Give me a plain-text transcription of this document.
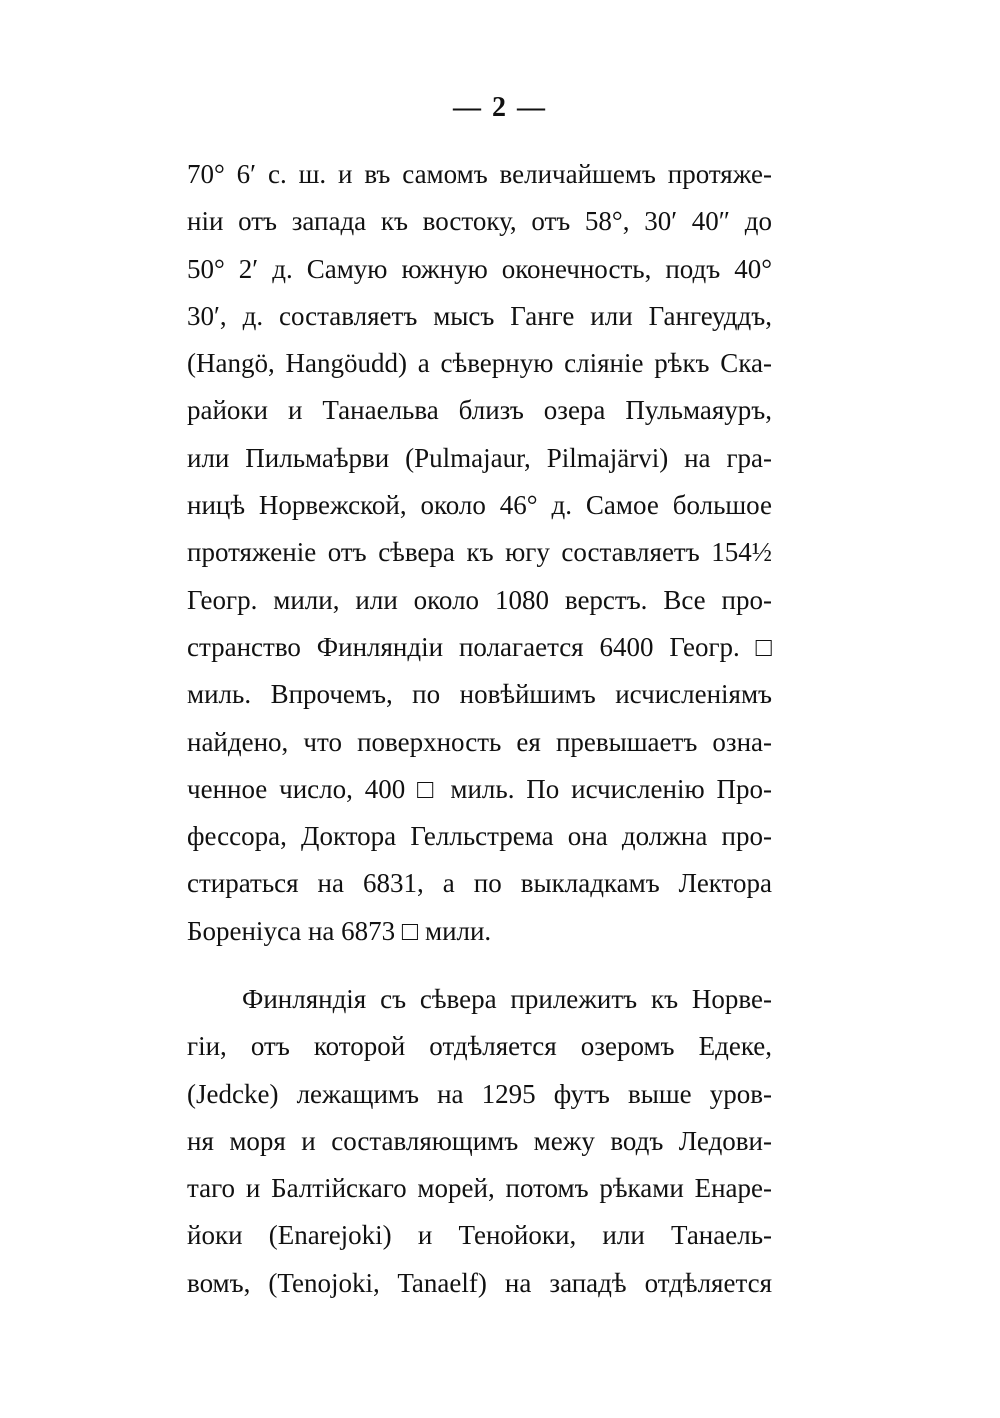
— 2 —
70° 6′ с. ш. и въ самомъ величайшемъ протяже-
нiи отъ запада къ востоку, отъ 58°, 30′ 40″ до
50° 2′ д. Самую южную оконечность, подъ 40°
30′, д. составляетъ мысъ Ганге или Гангеуддъ,
(Hangö, Hangöudd) а сѣверную слiянiе рѣкъ Ска-
райоки и Танаельва близъ озера Пульмаяуръ,
или Пильмаѣрви (Pulmajaur, Pilmajärvi) на гра-
ницѣ Норвежской, около 46° д. Самое большое
протяженiе отъ сѣвера къ югу составляетъ 154½
Геогр. мили, или около 1080 верстъ. Все про-
странство Финляндiи полагается 6400 Геогр. □
миль. Впрочемъ, по новѣйшимъ исчисленiямъ
найдено, что поверхность ея превышаетъ озна-
ченное число, 400 □ миль. По исчисленiю Про-
фессора, Доктора Гелльстрема она должна про-
стираться на 6831, а по выкладкамъ Лектора
Боренiуса на 6873 □ мили.
Финляндiя съ сѣвера прилежитъ къ Норве-
гiи, отъ которой отдѣляется озеромъ Едеке,
(Jedcke) лежащимъ на 1295 футъ выше уров-
ня моря и составляющимъ межу водъ Ледови-
таго и Балтiйскаго морей, потомъ рѣками Енаре-
йоки (Enarejoki) и Тенойоки, или Танаель-
вомъ, (Tenojoki, Tanaelf) на западѣ отдѣляется
